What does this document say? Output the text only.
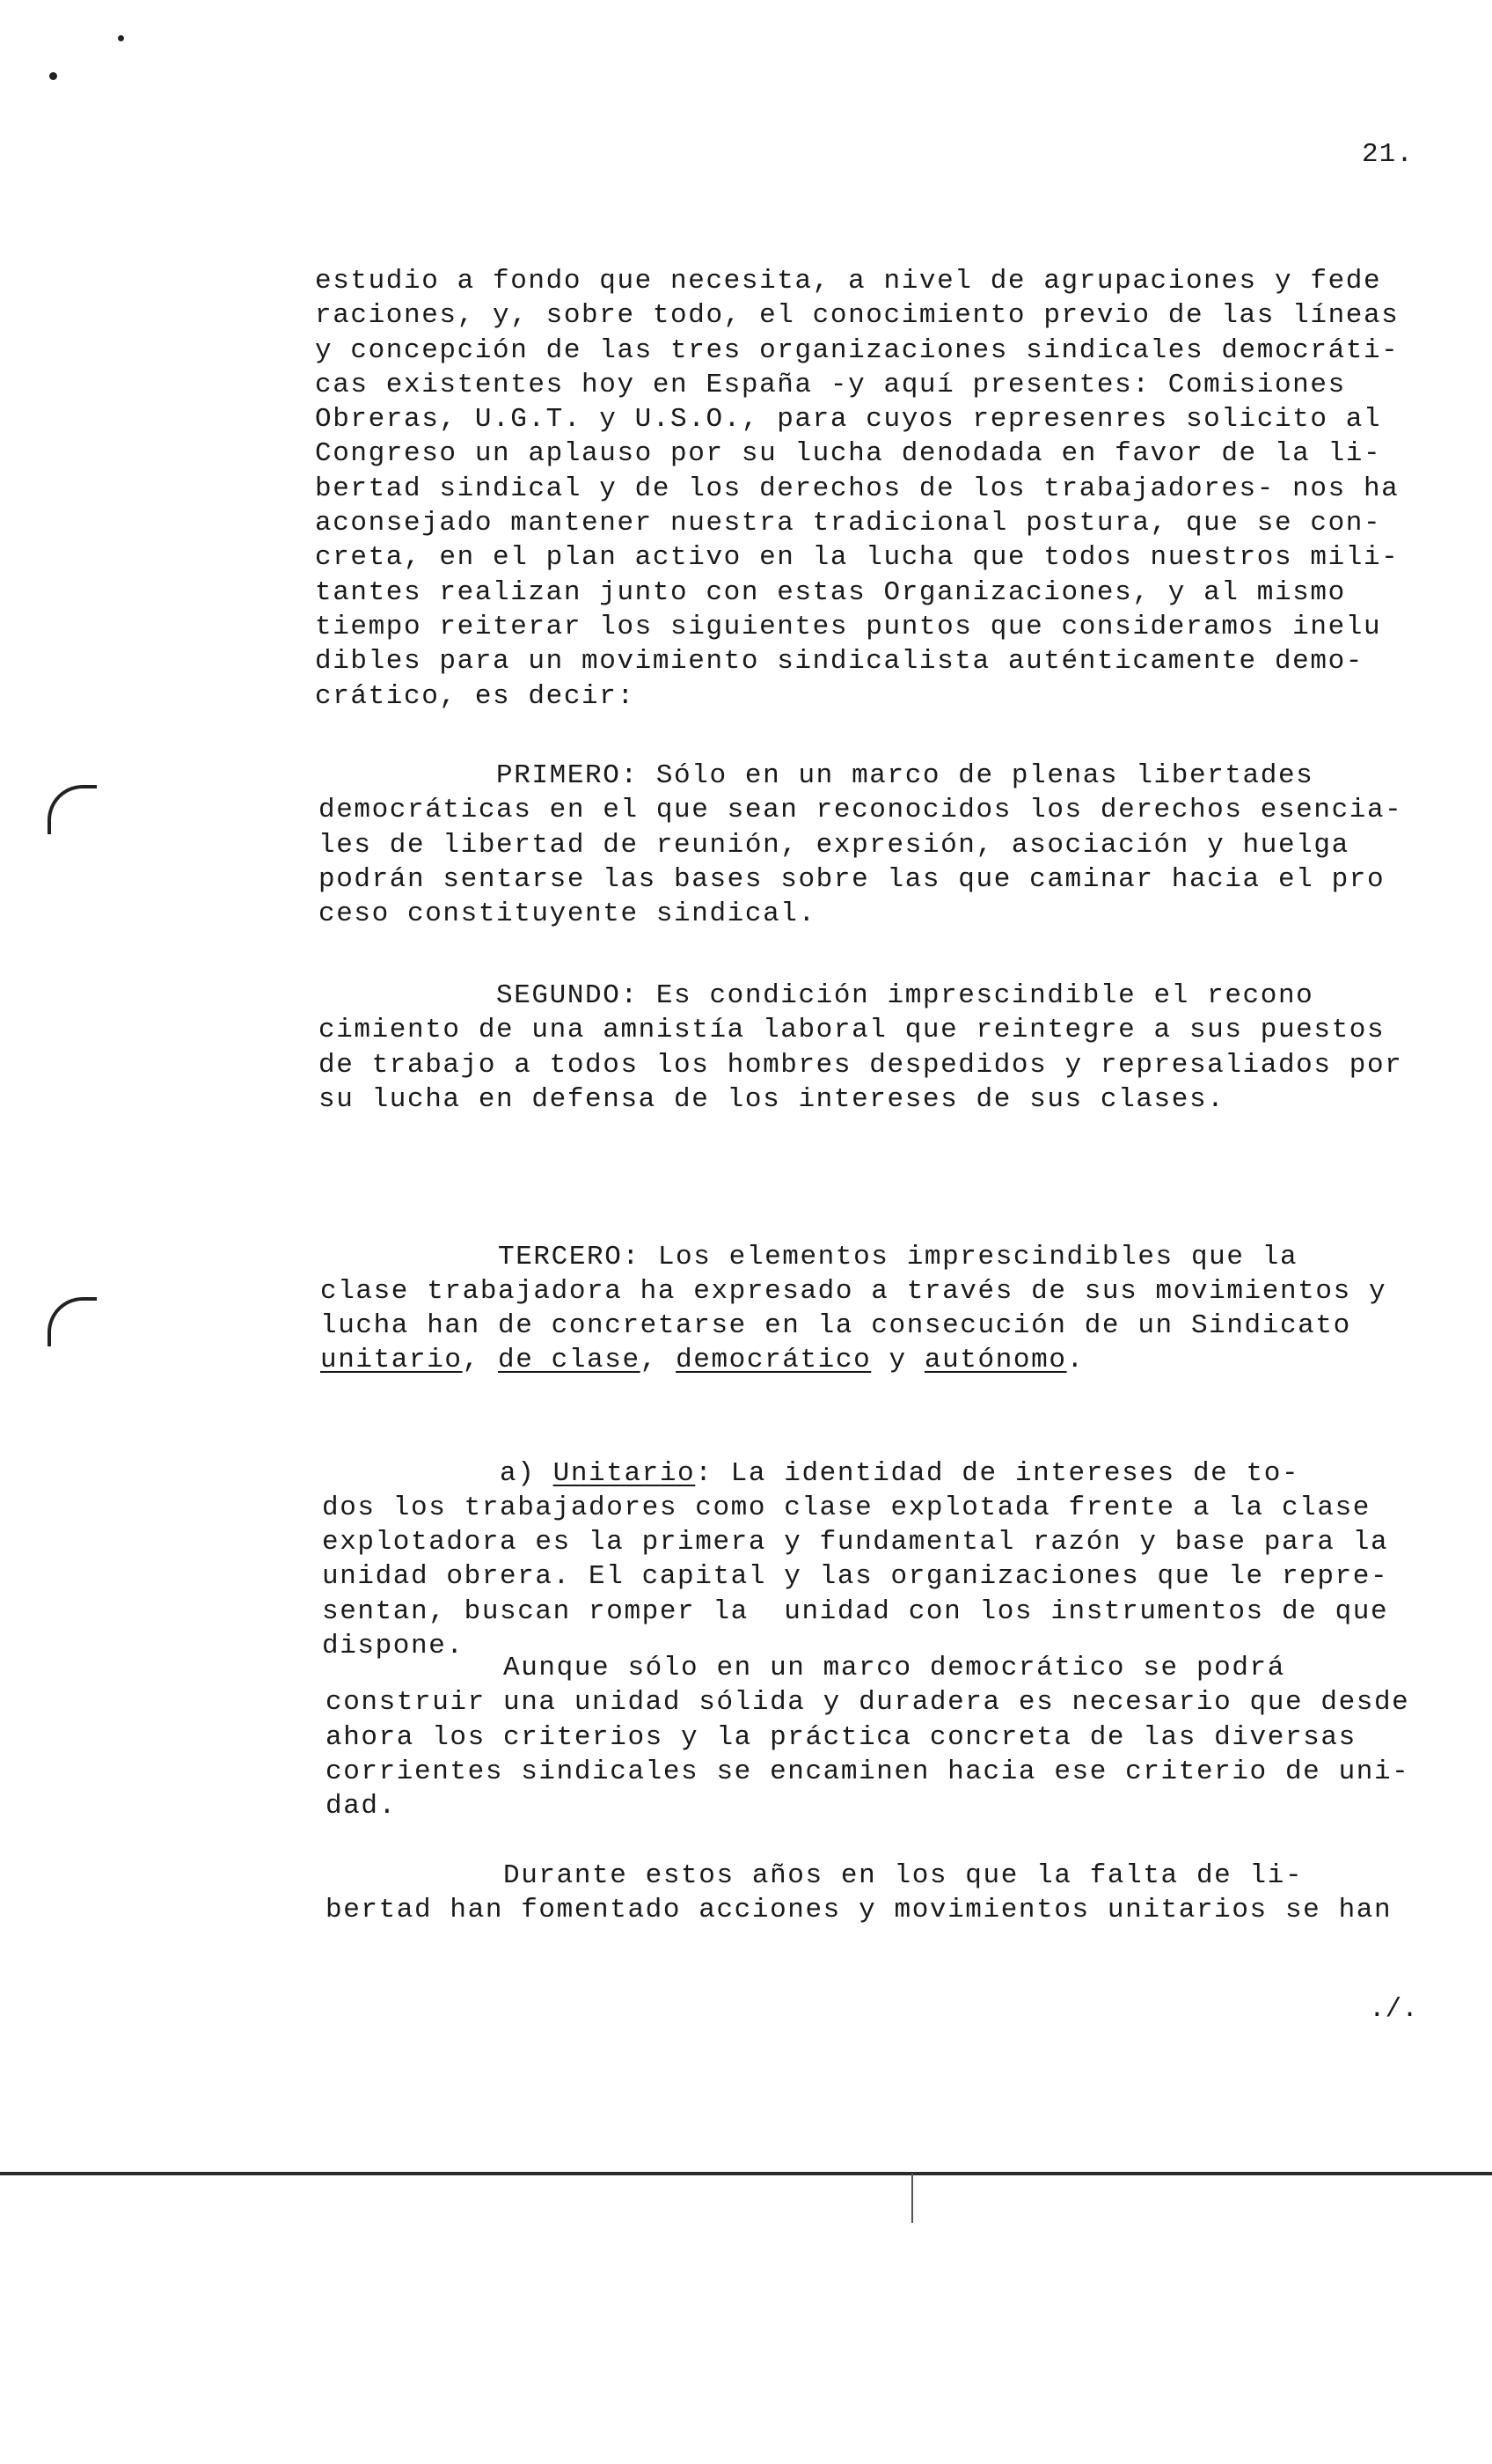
21.

estudio a fondo que necesita, a nivel de agrupaciones y fede
raciones, y, sobre todo, el conocimiento previo de las líneas
y concepción de las tres organizaciones sindicales democráti-
cas existentes hoy en España -y aquí presentes: Comisiones
Obreras, U.G.T. y U.S.O., para cuyos represenres solicito al
Congreso un aplauso por su lucha denodada en favor de la li-
bertad sindical y de los derechos de los trabajadores- nos ha
aconsejado mantener nuestra tradicional postura, que se con-
creta, en el plan activo en la lucha que todos nuestros mili-
tantes realizan junto con estas Organizaciones, y al mismo
tiempo reiterar los siguientes puntos que consideramos inelu
dibles para un movimiento sindicalista auténticamente demo-
crático, es decir:

PRIMERO: Sólo en un marco de plenas libertades
democráticas en el que sean reconocidos los derechos esencia-
les de libertad de reunión, expresión, asociación y huelga
podrán sentarse las bases sobre las que caminar hacia el pro
ceso constituyente sindical.

SEGUNDO: Es condición imprescindible el recono
cimiento de una amnistía laboral que reintegre a sus puestos
de trabajo a todos los hombres despedidos y represaliados por
su lucha en defensa de los intereses de sus clases.

TERCERO: Los elementos imprescindibles que la
clase trabajadora ha expresado a través de sus movimientos y
lucha han de concretarse en la consecución de un Sindicato
unitario, de clase, democrático y autónomo.

a) Unitario: La identidad de intereses de to-
dos los trabajadores como clase explotada frente a la clase
explotadora es la primera y fundamental razón y base para la
unidad obrera. El capital y las organizaciones que le repre-
sentan, buscan romper la  unidad con los instrumentos de que
dispone.

Aunque sólo en un marco democrático se podrá
construir una unidad sólida y duradera es necesario que desde
ahora los criterios y la práctica concreta de las diversas
corrientes sindicales se encaminen hacia ese criterio de uni-
dad.

Durante estos años en los que la falta de li-
bertad han fomentado acciones y movimientos unitarios se han

./.
